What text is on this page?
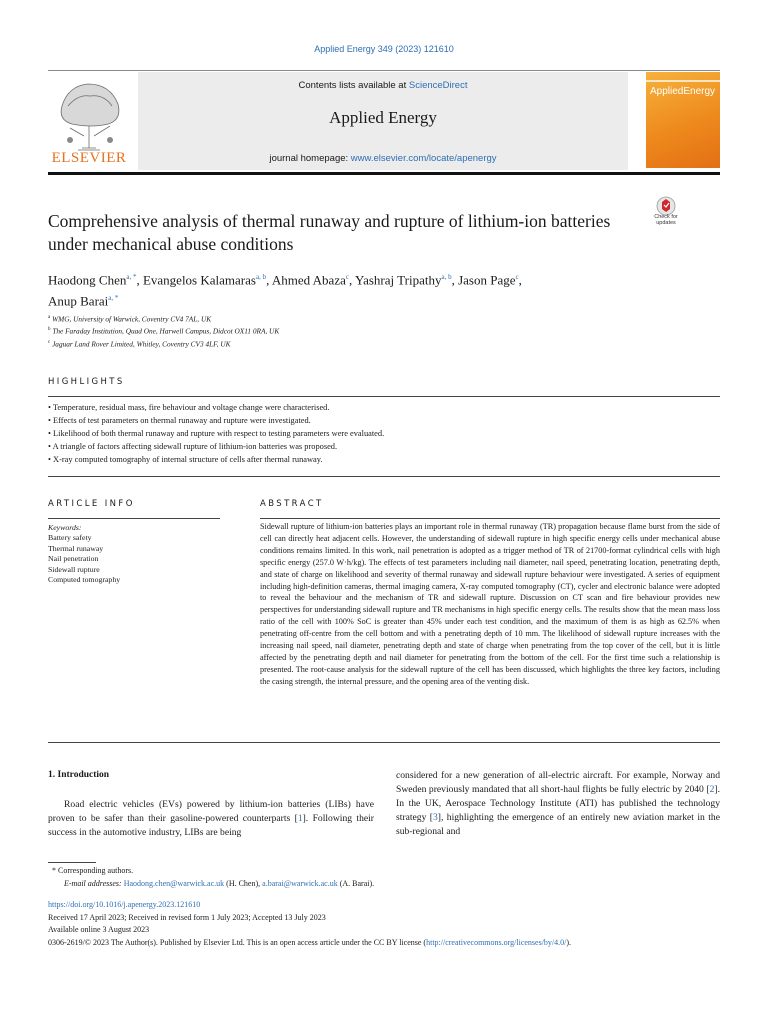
Applied Energy 349 (2023) 121610
ELSEVIER
Contents lists available at ScienceDirect
Applied Energy
journal homepage: www.elsevier.com/locate/apenergy
AppliedEnergy
Comprehensive analysis of thermal runaway and rupture of lithium-ion batteries under mechanical abuse conditions
Check for updates
Haodong Chen$^{a, *}$, Evangelos Kalamaras$^{a, b}$, Ahmed Abaza$^c$, Yashraj Tripathy$^{a, b}$, Jason Page$^c$,
Anup Barai$^{a, *}$
$^a$ WMG, University of Warwick, Coventry CV4 7AL, UK
$^b$ The Faraday Institution, Quad One, Harwell Campus, Didcot OX11 0RA, UK
$^c$ Jaguar Land Rover Limited, Whitley, Coventry CV3 4LF, UK
HIGHLIGHTS
• Temperature, residual mass, fire behaviour and voltage change were characterised.
• Effects of test parameters on thermal runaway and rupture were investigated.
• Likelihood of both thermal runaway and rupture with respect to testing parameters were evaluated.
• A triangle of factors affecting sidewall rupture of lithium-ion batteries was proposed.
• X-ray computed tomography of internal structure of cells after thermal runaway.
ARTICLE INFO
Keywords:
Battery safety
Thermal runaway
Nail penetration
Sidewall rupture
Computed tomography
ABSTRACT

Sidewall rupture of lithium-ion batteries plays an important role in thermal runaway (TR) propagation because flame burst from the side of cell can directly heat adjacent cells. However, the understanding of sidewall rupture in high specific energy cells under mechanical abuse conditions remains limited. In this work, nail penetration is adopted as a trigger method of TR of 21700-format cylindrical cells with high specific energy (257.0 W·h/kg). The effects of test parameters including nail diameter, nail speed, penetrating location, penetrating depth, and state of charge on likelihood and severity of thermal runaway and sidewall rupture behaviour were investigated. A series of equipment including high-definition cameras, thermal imaging camera, X-ray computed tomography (CT), cycler and electronic balance were adopted to reveal the behaviour and the mechanism of TR and sidewall rupture. Discussion on CT scan and fire behaviour provides new perspectives for understanding sidewall rupture and TR mechanisms in high specific energy cells. The results show that the mean mass loss ratio of the cell with 100% SoC is greater than 45% under each test condition, and the maximum of them is as high as 62.5% when penetrating off-centre from the cell bottom and with a penetrating depth of 10 mm. The likelihood of sidewall rupture increases with the increasing nail speed, nail diameter, penetrating depth and state of charge when penetrating from the top cover of the cell, but it is little affected by the penetrating depth and nail diameter for penetrating from the bottom of the cell. For the first time such a relationship is presented. The root-cause analysis for the sidewall rupture of the cell has been discussed, which highlights the three key factors, including the casing strength, the internal pressure, and the opening area of the venting disk.

1. Introduction

Road electric vehicles (EVs) powered by lithium-ion batteries (LIBs) have proven to be safer than their gasoline-powered counterparts [1]. Following their success in the automotive industry, LIBs are being

considered for a new generation of all-electric aircraft. For example, Norway and Sweden previously mandated that all short-haul flights be fully electric by 2040 [2]. In the UK, Aerospace Technology Institute (ATI) has published the technology strategy [3], highlighting the emergence of an entirely new aviation market in the sub-regional and

* Corresponding authors.
E-mail addresses: Haodong.chen@warwick.ac.uk (H. Chen), a.barai@warwick.ac.uk (A. Barai).
https://doi.org/10.1016/j.apenergy.2023.121610
Received 17 April 2023; Received in revised form 1 July 2023; Accepted 13 July 2023
Available online 3 August 2023
0306-2619/© 2023 The Author(s). Published by Elsevier Ltd. This is an open access article under the CC BY license (http://creativecommons.org/licenses/by/4.0/).
